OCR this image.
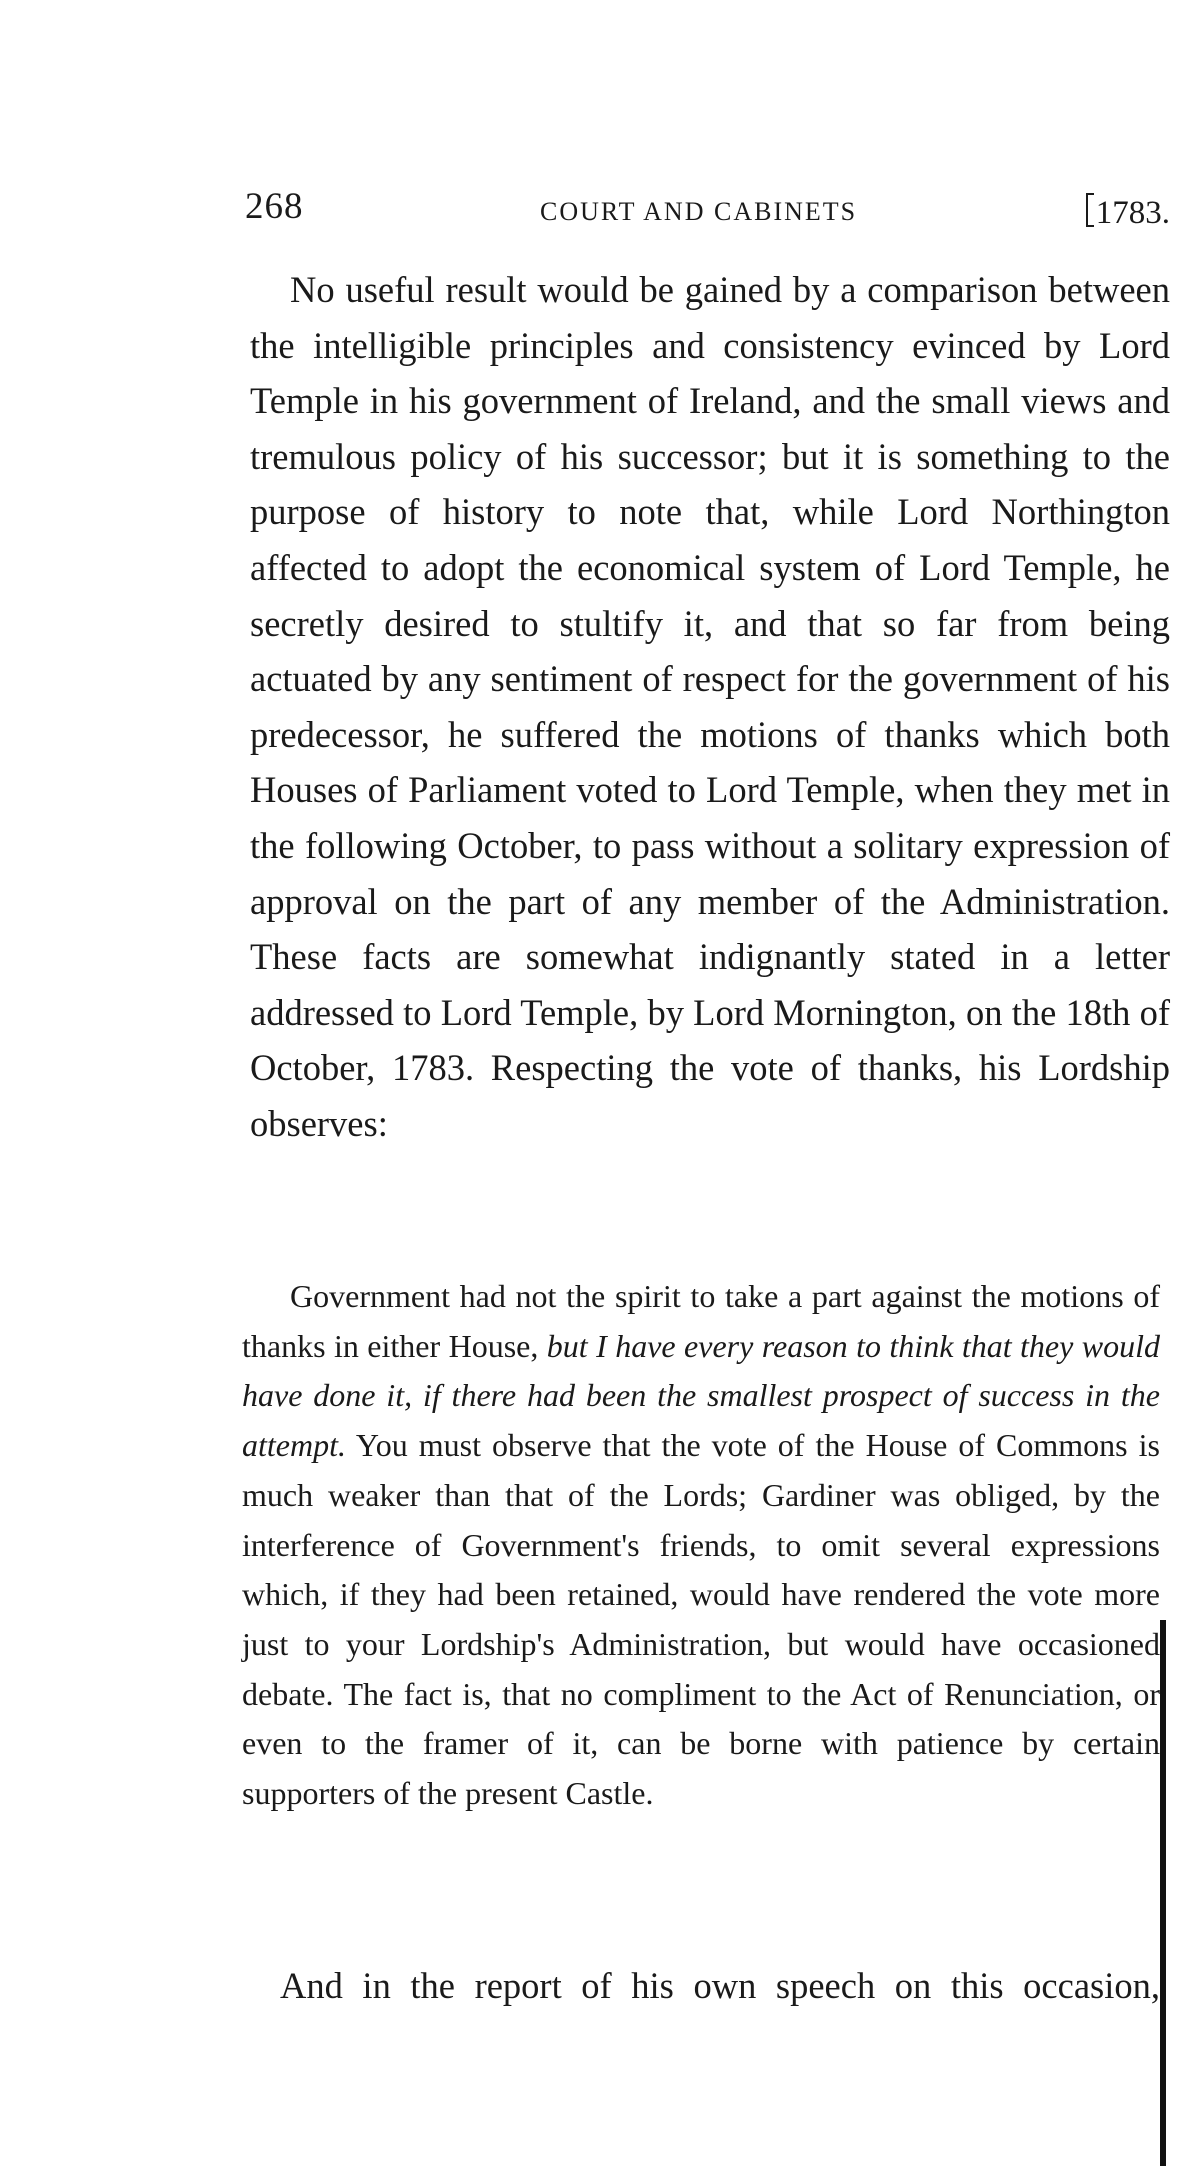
268	COURT AND CABINETS	1783.

No useful result would be gained by a comparison between the intelligible principles and consistency evinced by Lord Temple in his government of Ireland, and the small views and tremulous policy of his successor; but it is something to the purpose of history to note that, while Lord Northington affected to adopt the economical system of Lord Temple, he secretly desired to stultify it, and that so far from being actuated by any sentiment of respect for the government of his predecessor, he suffered the motions of thanks which both Houses of Parliament voted to Lord Temple, when they met in the following October, to pass without a solitary expression of approval on the part of any member of the Administration. These facts are somewhat indignantly stated in a letter addressed to Lord Temple, by Lord Mornington, on the 18th of October, 1783. Respecting the vote of thanks, his Lordship observes:

Government had not the spirit to take a part against the motions of thanks in either House, but I have every reason to think that they would have done it, if there had been the smallest prospect of success in the attempt. You must observe that the vote of the House of Commons is much weaker than that of the Lords; Gardiner was obliged, by the interference of Government's friends, to omit several expressions which, if they had been retained, would have rendered the vote more just to your Lordship's Administration, but would have occasioned debate. The fact is, that no compliment to the Act of Renunciation, or even to the framer of it, can be borne with patience by certain supporters of the present Castle.

And in the report of his own speech on this occasion,
